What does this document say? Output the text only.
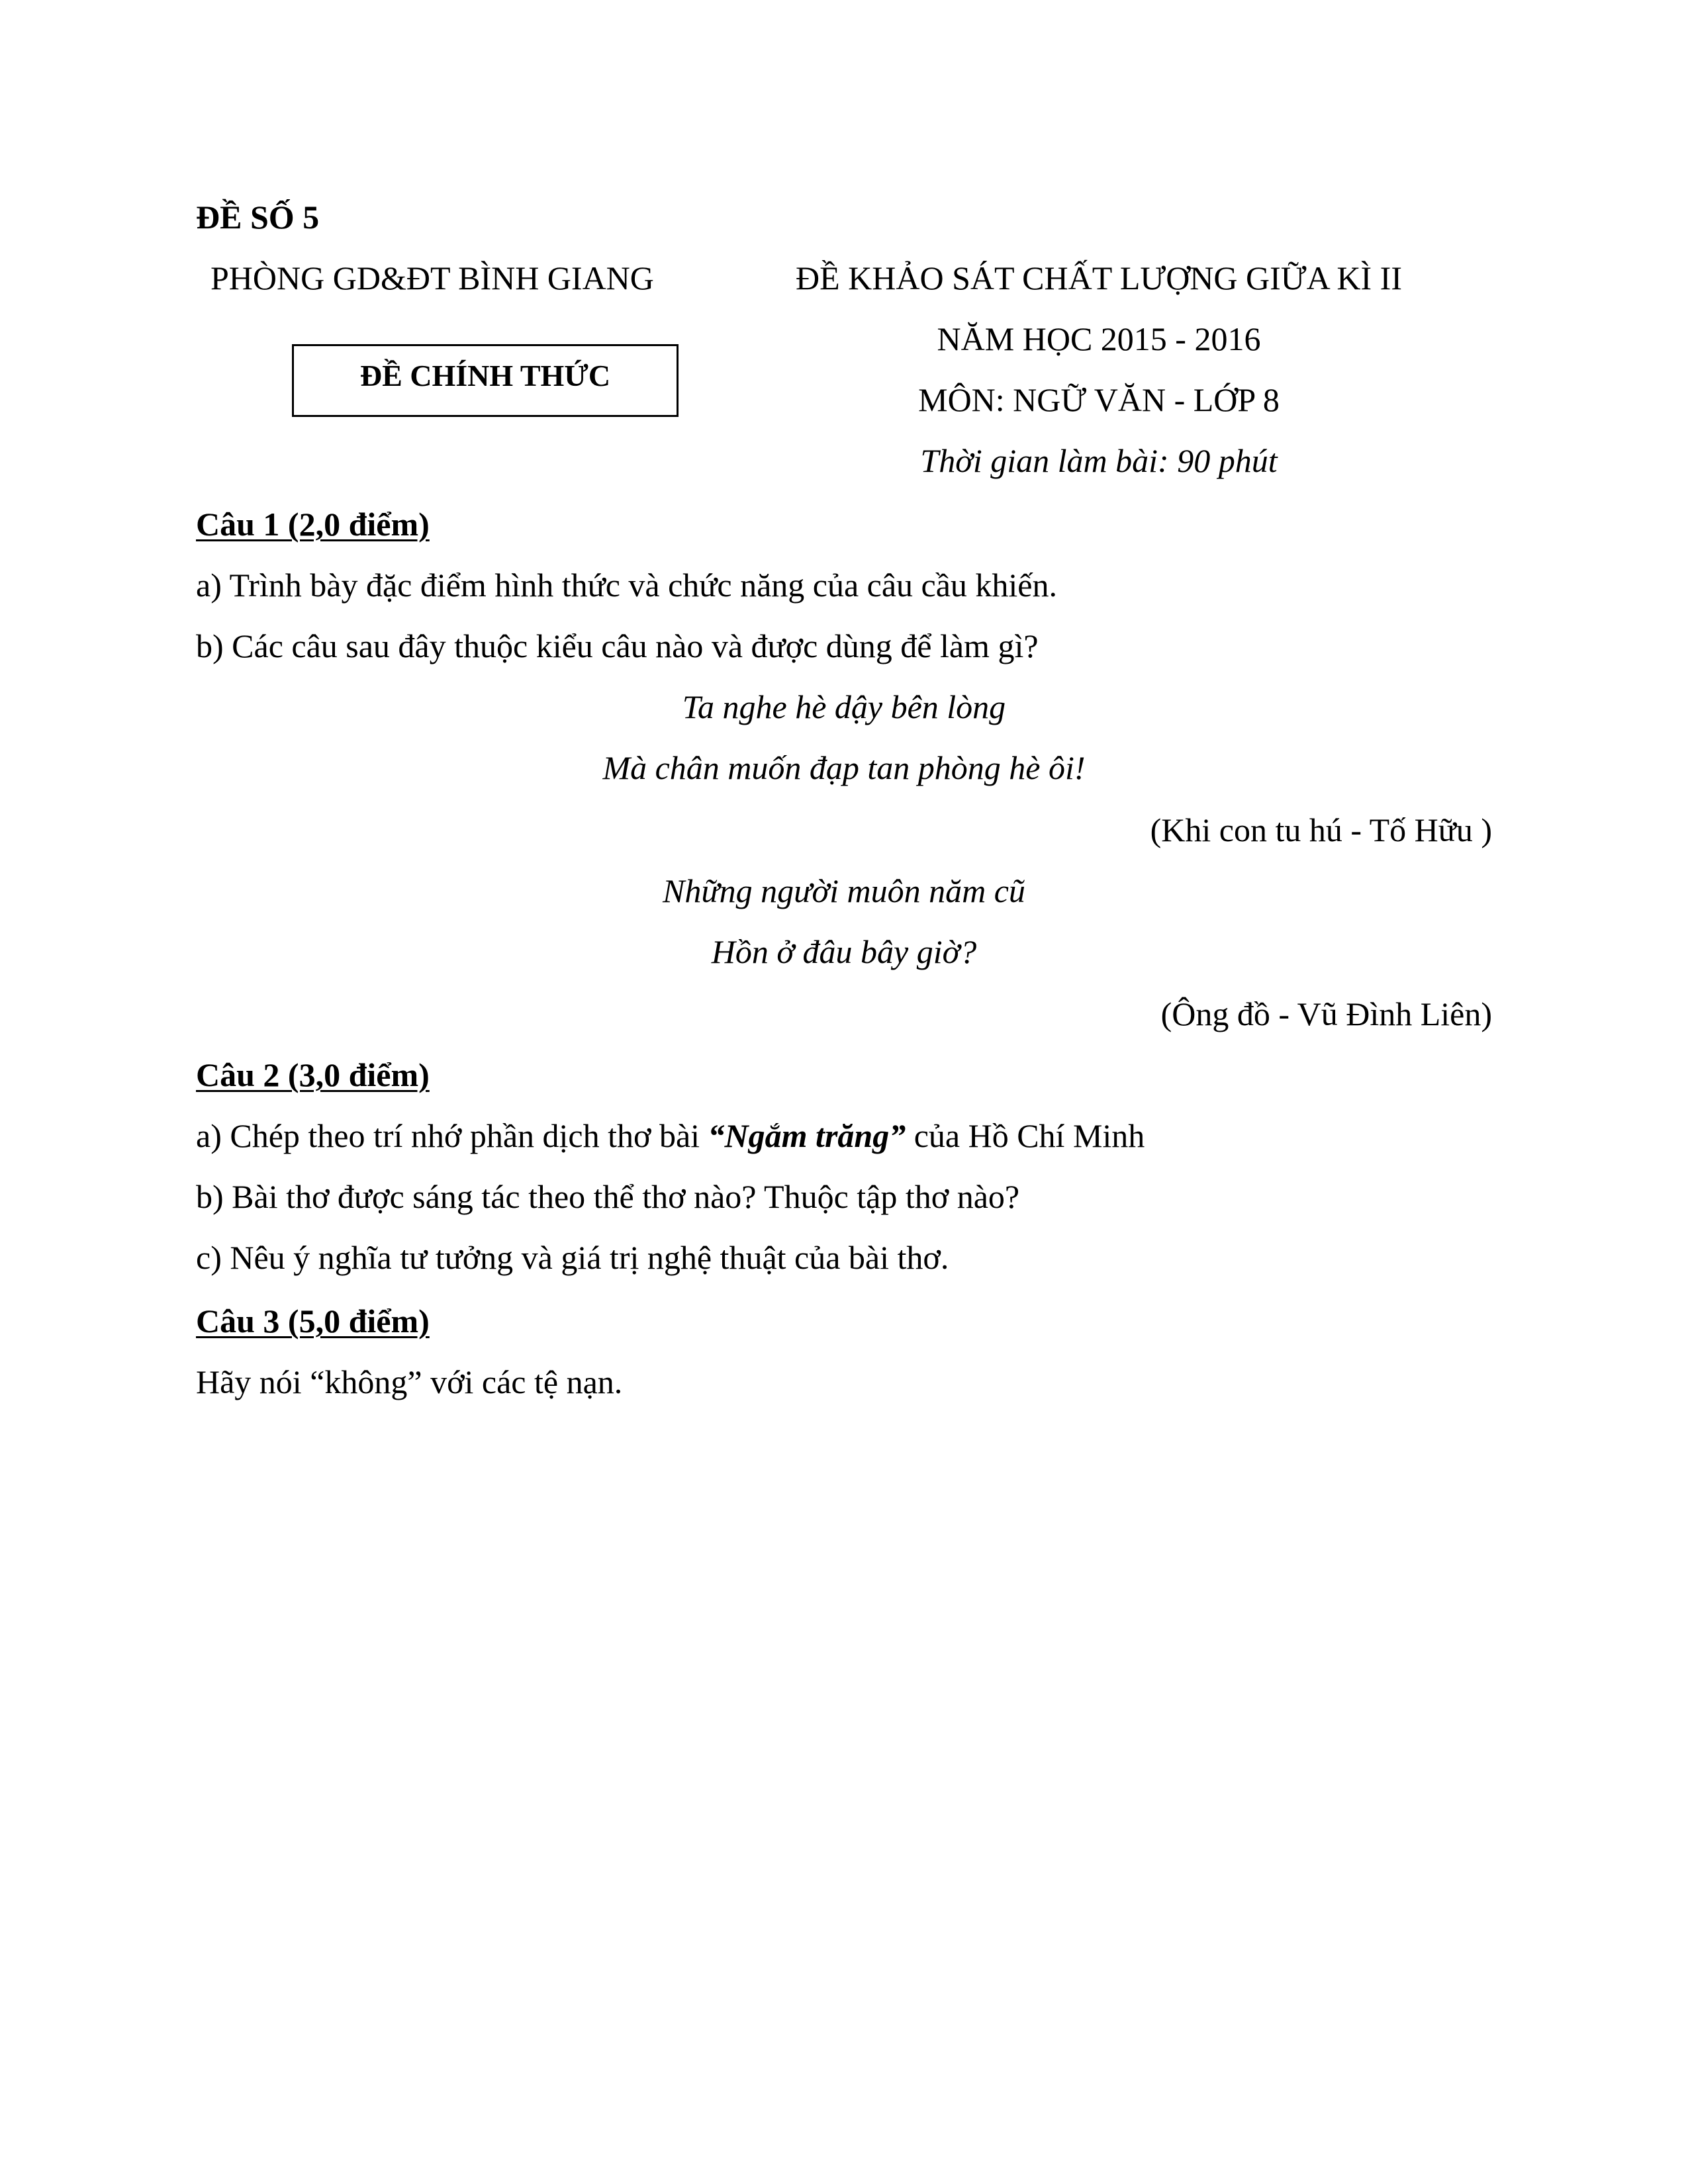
ĐỀ SỐ 5

PHÒNG GD&ĐT BÌNH GIANG

ĐỀ CHÍNH THỨC

ĐỀ KHẢO SÁT CHẤT LƯỢNG GIỮA KÌ II

NĂM HỌC 2015 - 2016

MÔN: NGỮ VĂN - LỚP 8

Thời gian làm bài: 90 phút

Câu 1 (2,0 điểm)

a) Trình bày đặc điểm hình thức và chức năng của câu cầu khiến.

b) Các câu sau đây thuộc kiểu câu nào và được dùng để làm gì?

Ta nghe hè dậy bên lòng

Mà chân muốn đạp tan phòng hè ôi!

(Khi con tu hú - Tố Hữu )

Những người muôn năm cũ

Hồn ở đâu bây giờ?

(Ông đồ - Vũ Đình Liên)

Câu 2 (3,0 điểm)

a) Chép theo trí nhớ phần dịch thơ bài “Ngắm trăng” của Hồ Chí Minh

b) Bài thơ được sáng tác theo thể thơ nào? Thuộc tập thơ nào?

c) Nêu ý nghĩa tư tưởng và giá trị nghệ thuật của bài thơ.

Câu 3 (5,0 điểm)

Hãy nói “không” với các tệ nạn.
